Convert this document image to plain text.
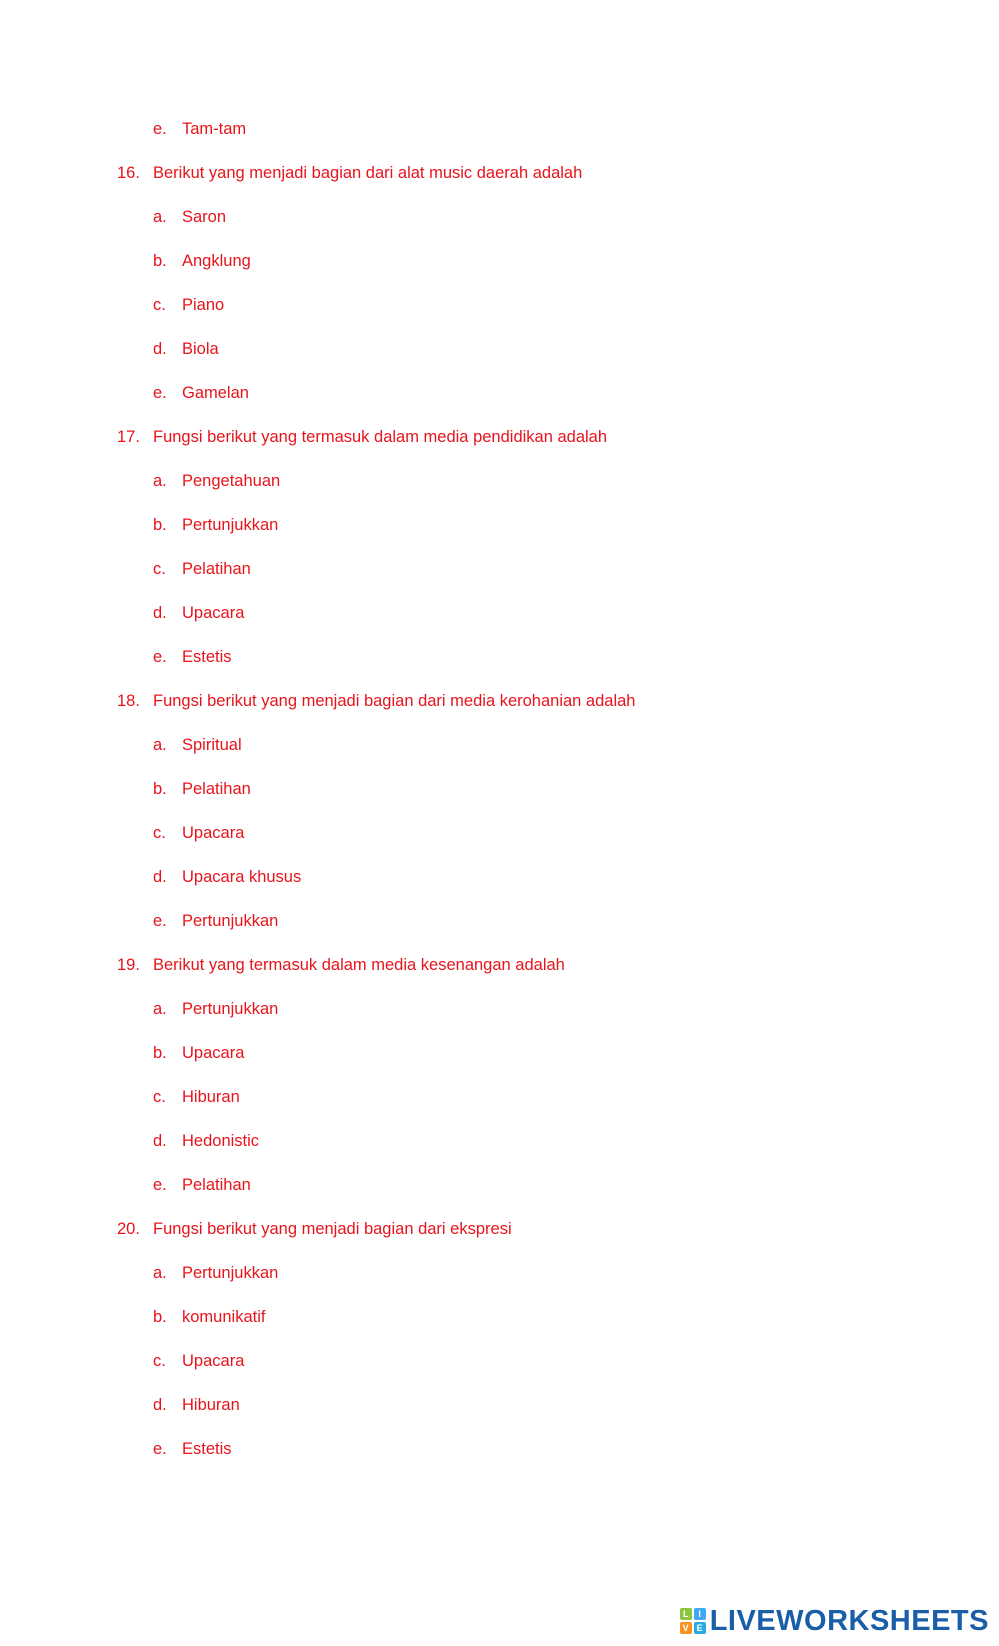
e. Tam-tam
16. Berikut yang menjadi bagian dari alat music daerah adalah
a. Saron
b. Angklung
c. Piano
d. Biola
e. Gamelan
17. Fungsi berikut yang termasuk dalam media pendidikan adalah
a. Pengetahuan
b. Pertunjukkan
c. Pelatihan
d. Upacara
e. Estetis
18. Fungsi berikut yang menjadi bagian dari media kerohanian adalah
a. Spiritual
b. Pelatihan
c. Upacara
d. Upacara khusus
e. Pertunjukkan
19. Berikut yang termasuk dalam media kesenangan adalah
a. Pertunjukkan
b. Upacara
c. Hiburan
d. Hedonistic
e. Pelatihan
20. Fungsi berikut yang menjadi bagian dari ekspresi
a. Pertunjukkan
b. komunikatif
c. Upacara
d. Hiburan
e. Estetis
L	I
V E LIVEWORKSHEETS
